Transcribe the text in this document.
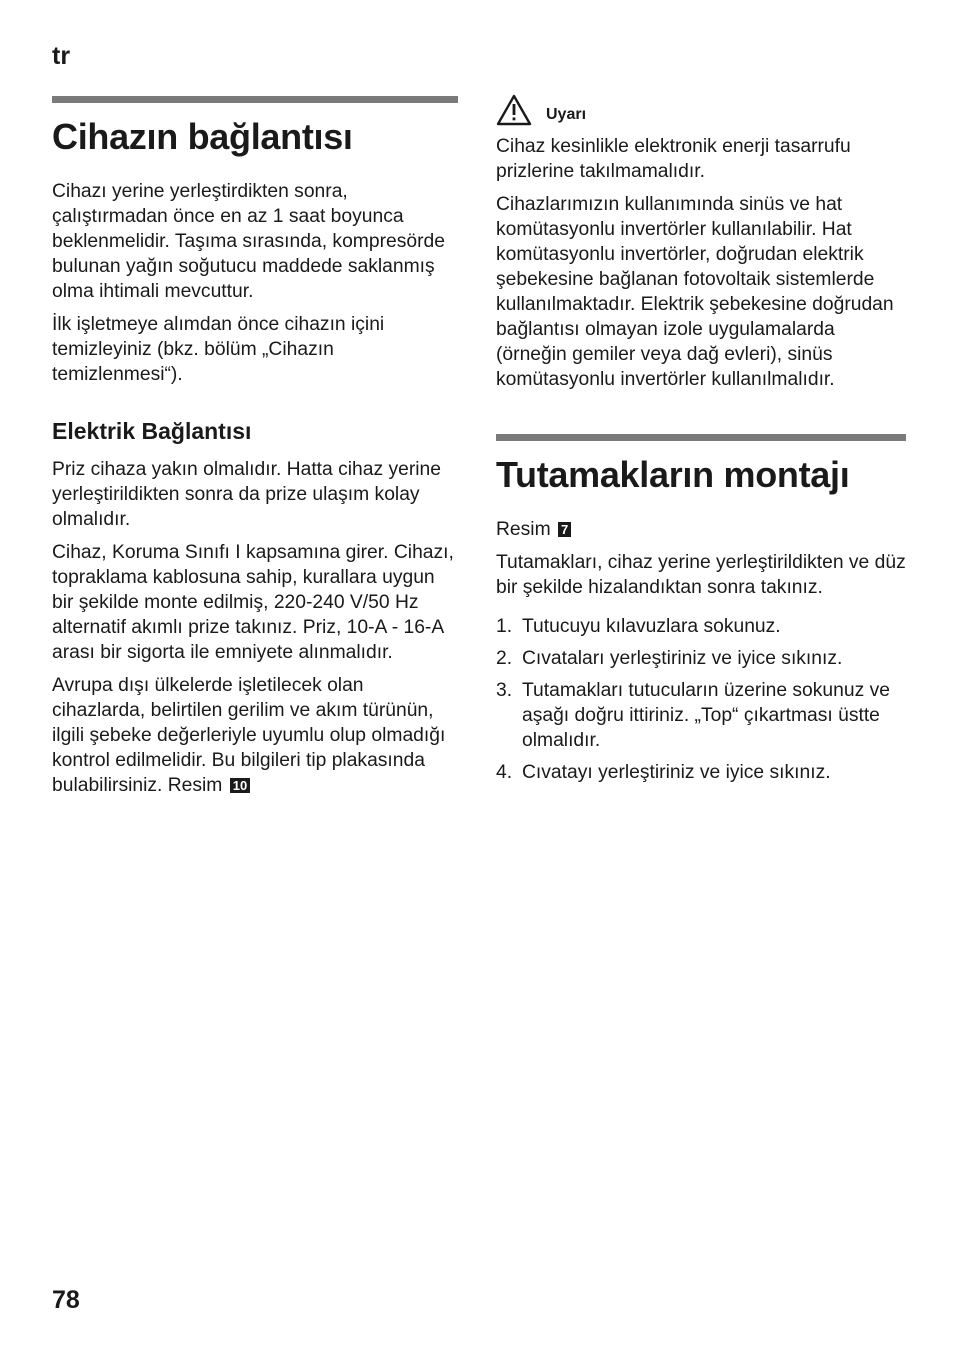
tr
Cihazın bağlantısı

Cihazı yerine yerleştirdikten sonra, çalıştırmadan önce en az 1 saat boyunca beklenmelidir. Taşıma sırasında, kompresörde bulunan yağın soğutucu maddede saklanmış olma ihtimali mevcuttur.

İlk işletmeye alımdan önce cihazın içini temizleyiniz (bkz. bölüm „Cihazın temizlenmesi“).

Elektrik Bağlantısı

Priz cihaza yakın olmalıdır. Hatta cihaz yerine yerleştirildikten sonra da prize ulaşım kolay olmalıdır.

Cihaz, Koruma Sınıfı I kapsamına girer. Cihazı, topraklama kablosuna sahip, kurallara uygun bir şekilde monte edilmiş, 220-240 V/50 Hz alternatif akımlı prize takınız. Priz, 10-A - 16-A arası bir sigorta ile emniyete alınmalıdır.

Avrupa dışı ülkelerde işletilecek olan cihazlarda, belirtilen gerilim ve akım türünün, ilgili şebeke değerleriyle uyumlu olup olmadığı kontrol edilmelidir. Bu bilgileri tip plakasında bulabilirsiniz. Resim 10

Uyarı

Cihaz kesinlikle elektronik enerji tasarrufu prizlerine takılmamalıdır.

Cihazlarımızın kullanımında sinüs ve hat komütasyonlu invertörler kullanılabilir. Hat komütasyonlu invertörler, doğrudan elektrik şebekesine bağlanan fotovoltaik sistemlerde kullanılmaktadır. Elektrik şebekesine doğrudan bağlantısı olmayan izole uygulamalarda (örneğin gemiler veya dağ evleri), sinüs komütasyonlu invertörler kullanılmalıdır.

Tutamakların montajı

Resim 7

Tutamakları, cihaz yerine yerleştirildikten ve düz bir şekilde hizalandıktan sonra takınız.

1. Tutucuyu kılavuzlara sokunuz.
2. Cıvataları yerleştiriniz ve iyice sıkınız.
3. Tutamakları tutucuların üzerine sokunuz ve aşağı doğru ittiriniz. „Top“ çıkartması üstte olmalıdır.
4. Cıvatayı yerleştiriniz ve iyice sıkınız.
78
